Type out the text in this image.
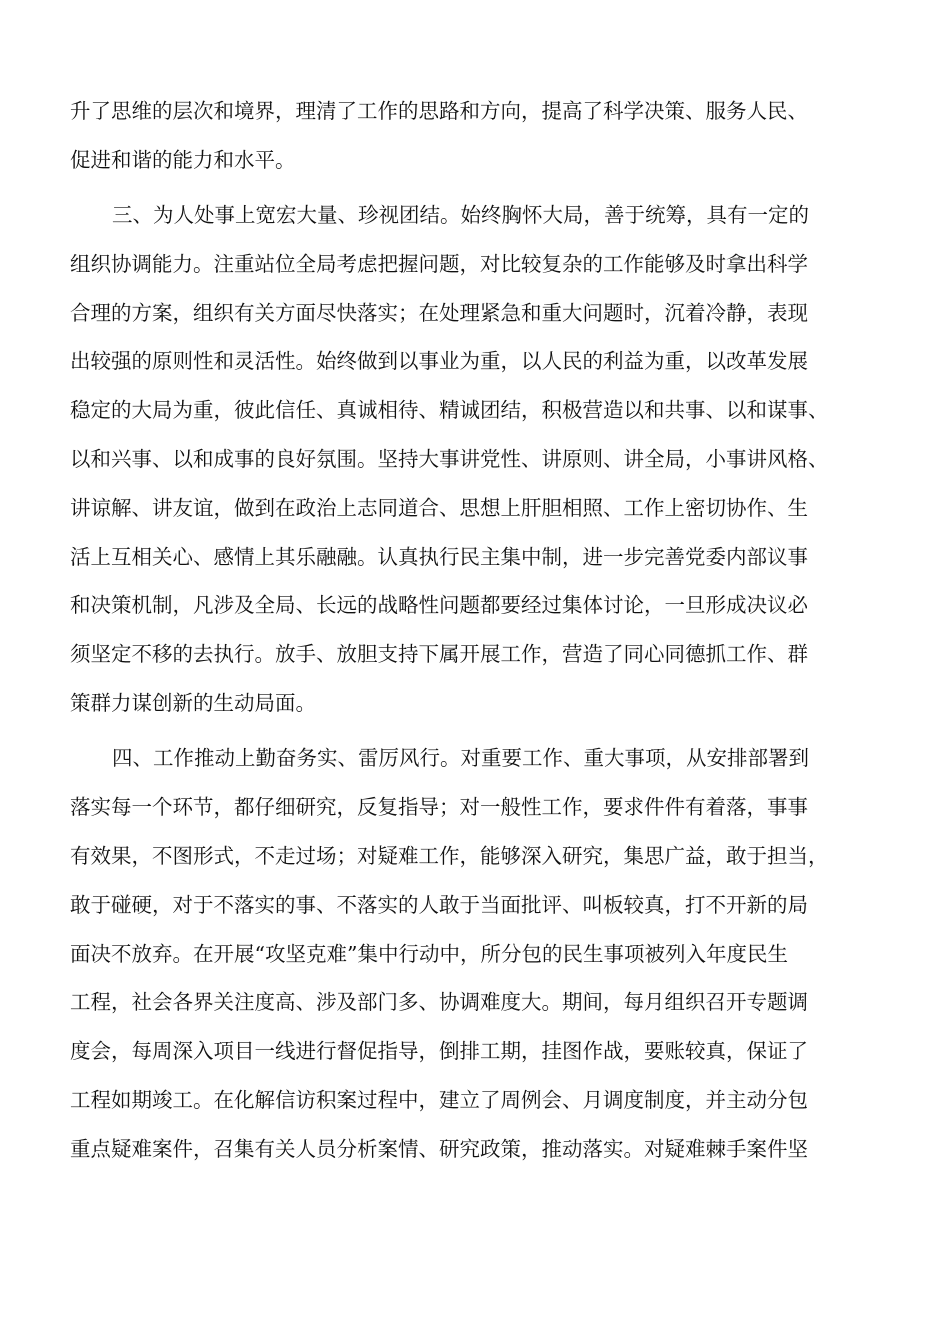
升了思维的层次和境界，理清了工作的思路和方向，提高了科学决策、服务人民、
促进和谐的能力和水平。
三、为人处事上宽宏大量、珍视团结。始终胸怀大局，善于统筹，具有一定的
组织协调能力。注重站位全局考虑把握问题，对比较复杂的工作能够及时拿出科学
合理的方案，组织有关方面尽快落实；在处理紧急和重大问题时，沉着冷静，表现
出较强的原则性和灵活性。始终做到以事业为重，以人民的利益为重，以改革发展
稳定的大局为重，彼此信任、真诚相待、精诚团结，积极营造以和共事、以和谋事、
以和兴事、以和成事的良好氛围。坚持大事讲党性、讲原则、讲全局，小事讲风格、
讲谅解、讲友谊，做到在政治上志同道合、思想上肝胆相照、工作上密切协作、生
活上互相关心、感情上其乐融融。认真执行民主集中制，进一步完善党委内部议事
和决策机制，凡涉及全局、长远的战略性问题都要经过集体讨论，一旦形成决议必
须坚定不移的去执行。放手、放胆支持下属开展工作，营造了同心同德抓工作、群
策群力谋创新的生动局面。
四、工作推动上勤奋务实、雷厉风行。对重要工作、重大事项，从安排部署到
落实每一个环节，都仔细研究，反复指导；对一般性工作，要求件件有着落，事事
有效果，不图形式，不走过场；对疑难工作，能够深入研究，集思广益，敢于担当，
敢于碰硬，对于不落实的事、不落实的人敢于当面批评、叫板较真，打不开新的局
面决不放弃。在开展“攻坚克难”集中行动中，所分包的民生事项被列入年度民生
工程，社会各界关注度高、涉及部门多、协调难度大。期间，每月组织召开专题调
度会，每周深入项目一线进行督促指导，倒排工期，挂图作战，要账较真，保证了
工程如期竣工。在化解信访积案过程中，建立了周例会、月调度制度，并主动分包
重点疑难案件，召集有关人员分析案情、研究政策，推动落实。对疑难棘手案件坚
